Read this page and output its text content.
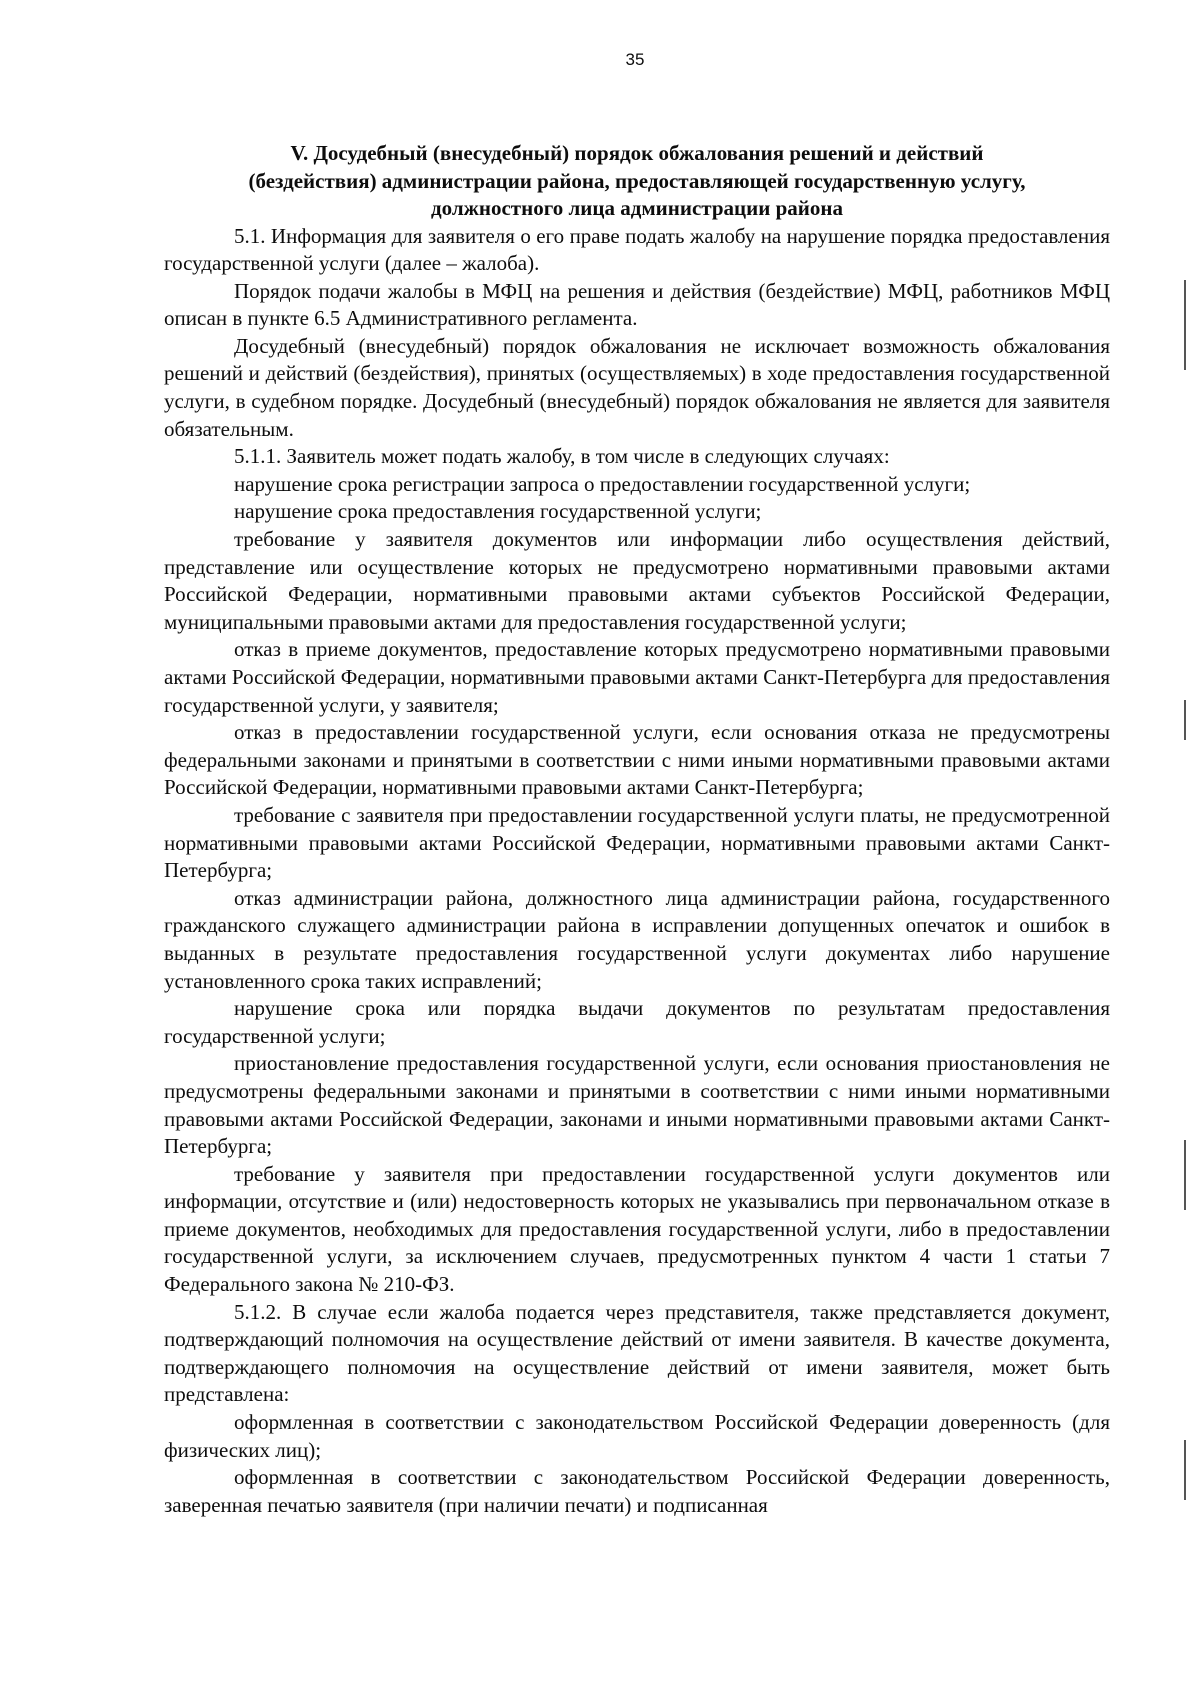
35
V. Досудебный (внесудебный) порядок обжалования решений и действий
(бездействия) администрации района, предоставляющей государственную услугу,
должностного лица администрации района

5.1. Информация для заявителя о его праве подать жалобу на нарушение порядка предоставления государственной услуги (далее – жалоба).

Порядок подачи жалобы в МФЦ на решения и действия (бездействие) МФЦ, работников МФЦ описан в пункте 6.5 Административного регламента.

Досудебный (внесудебный) порядок обжалования не исключает возможность обжалования решений и действий (бездействия), принятых (осуществляемых) в ходе предоставления государственной услуги, в судебном порядке. Досудебный (внесудебный) порядок обжалования не является для заявителя обязательным.

5.1.1. Заявитель может подать жалобу, в том числе в следующих случаях:

нарушение срока регистрации запроса о предоставлении государственной услуги;

нарушение срока предоставления государственной услуги;

требование у заявителя документов или информации либо осуществления действий, представление или осуществление которых не предусмотрено нормативными правовыми актами Российской Федерации, нормативными правовыми актами субъектов Российской Федерации, муниципальными правовыми актами для предоставления государственной услуги;

отказ в приеме документов, предоставление которых предусмотрено нормативными правовыми актами Российской Федерации, нормативными правовыми актами Санкт-Петербурга для предоставления государственной услуги, у заявителя;

отказ в предоставлении государственной услуги, если основания отказа не предусмотрены федеральными законами и принятыми в соответствии с ними иными нормативными правовыми актами Российской Федерации, нормативными правовыми актами Санкт-Петербурга;

требование с заявителя при предоставлении государственной услуги платы, не предусмотренной нормативными правовыми актами Российской Федерации, нормативными правовыми актами Санкт-Петербурга;

отказ администрации района, должностного лица администрации района, государственного гражданского служащего администрации района в исправлении допущенных опечаток и ошибок в выданных в результате предоставления государственной услуги документах либо нарушение установленного срока таких исправлений;

нарушение срока или порядка выдачи документов по результатам предоставления государственной услуги;

приостановление предоставления государственной услуги, если основания приостановления не предусмотрены федеральными законами и принятыми в соответствии с ними иными нормативными правовыми актами Российской Федерации, законами и иными нормативными правовыми актами Санкт-Петербурга;

требование у заявителя при предоставлении государственной услуги документов или информации, отсутствие и (или) недостоверность которых не указывались при первоначальном отказе в приеме документов, необходимых для предоставления государственной услуги, либо в предоставлении государственной услуги, за исключением случаев, предусмотренных пунктом 4 части 1 статьи 7 Федерального закона № 210-ФЗ.

5.1.2. В случае если жалоба подается через представителя, также представляется документ, подтверждающий полномочия на осуществление действий от имени заявителя. В качестве документа, подтверждающего полномочия на осуществление действий от имени заявителя, может быть представлена:

оформленная в соответствии с законодательством Российской Федерации доверенность (для физических лиц);

оформленная в соответствии с законодательством Российской Федерации доверенность, заверенная печатью заявителя (при наличии печати) и подписанная
